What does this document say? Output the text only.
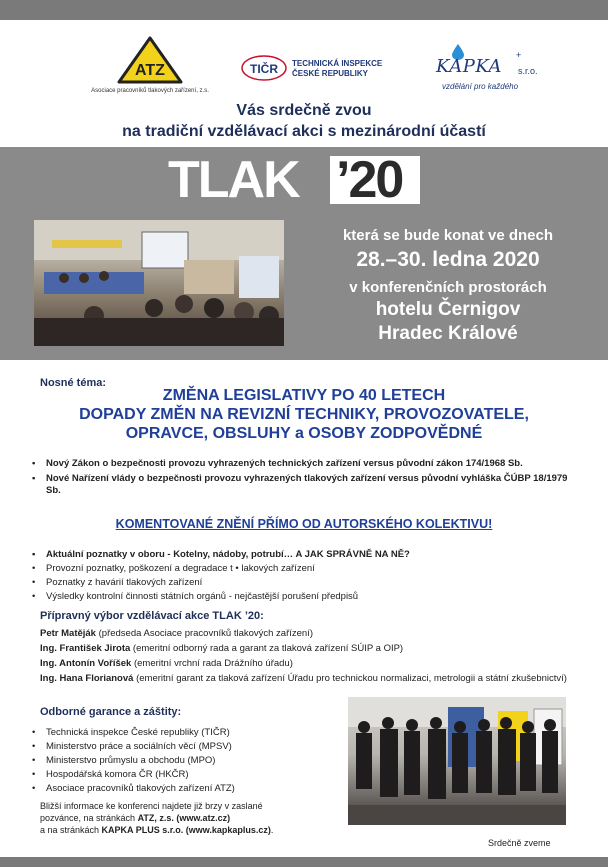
ATZ
Asociace pracovníků tlakových zařízení, z.s.
TIČR TECHNICKÁ INSPEKCE
ČESKÉ REPUBLIKY	KAPKA
+
s.r.o.
vzdělání pro každého
Vás srdečně zvou
na tradiční vzdělávací akci s mezinárodní účastí
TLAK ’20
která se bude konat ve dnech
28.–30. ledna 2020
v konferenčních prostorách
hotelu Černigov
Hradec Králové
Nosné téma:
ZMĚNA LEGISLATIVY PO 40 LETECH
DOPADY ZMĚN NA REVIZNÍ TECHNIKY, PROVOZOVATELE,
OPRAVCE, OBSLUHY a OSOBY ZODPOVĚDNÉ
• Nový Zákon o bezpečnosti provozu vyhrazených technických zařízení versus původní zákon 174/1968 Sb.
• Nové Nařízení vlády o bezpečnosti provozu vyhrazených tlakových zařízení versus původní vyhláška ČÚBP 18/1979 Sb.
KOMENTOVANÉ ZNĚNÍ PŘÍMO OD AUTORSKÉHO KOLEKTIVU!
• Aktuální poznatky v oboru - Kotelny, nádoby, potrubí… A JAK SPRÁVNĚ NA NĚ?
• Provozní poznatky, poškození a degradace t • lakových zařízení
• Poznatky z havárií tlakových zařízení
• Výsledky kontrolní činnosti státních orgánů - nejčastější porušení předpisů
Přípravný výbor vzdělávací akce TLAK ’20:

Petr Matěják (předseda Asociace pracovníků tlakových zařízení)

Ing. František Jirota (emeritní odborný rada a garant za tlaková zařízení SÚIP a OIP)

Ing. Antonín Voříšek (emeritní vrchní rada Drážního úřadu)

Ing. Hana Florianová (emeritní garant za tlaková zařízení Úřadu pro technickou normalizaci, metrologii a státní zkušebnictví)

Odborné garance a záštity:
• Technická inspekce České republiky (TIČR)
• Ministerstvo práce a sociálních věcí (MPSV)
• Ministerstvo průmyslu a obchodu (MPO)
• Hospodářská komora ČR (HKČR)
• Asociace pracovníků tlakových zařízení ATZ)
Bližší informace ke konferenci najdete již brzy v zaslané
pozvánce, na stránkách ATZ, z.s. (www.atz.cz)
a na stránkách KAPKA PLUS s.r.o. (www.kapkaplus.cz).
Srdečně zveme
